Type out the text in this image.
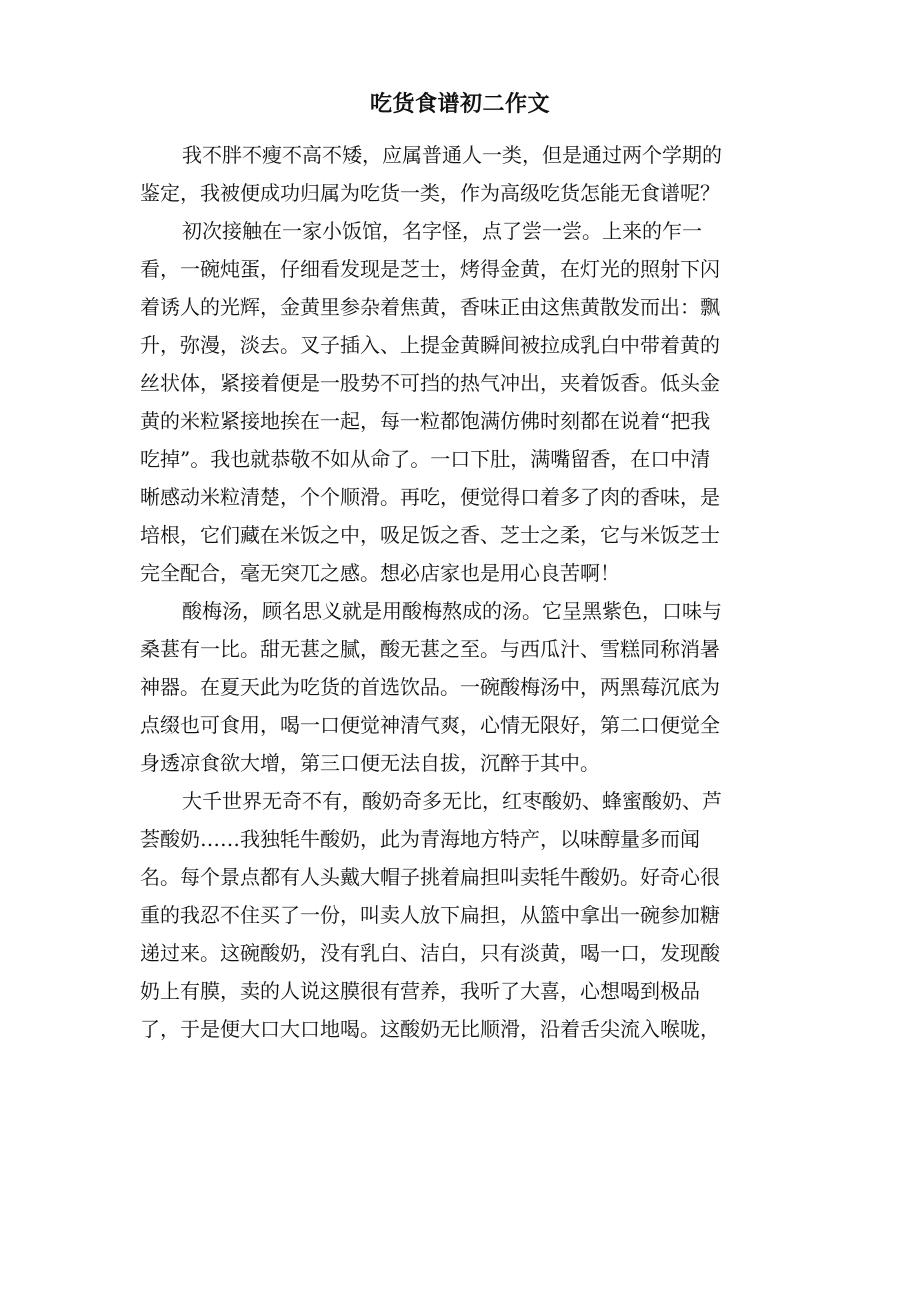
吃货食谱初二作文
我不胖不瘦不高不矮，应属普通人一类，但是通过两个学期的
鉴定，我被便成功归属为吃货一类，作为高级吃货怎能无食谱呢？
初次接触在一家小饭馆，名字怪，点了尝一尝。上来的乍一
看，一碗炖蛋，仔细看发现是芝士，烤得金黄，在灯光的照射下闪
着诱人的光辉，金黄里参杂着焦黄，香味正由这焦黄散发而出：飘
升，弥漫，淡去。叉子插入、上提金黄瞬间被拉成乳白中带着黄的
丝状体，紧接着便是一股势不可挡的热气冲出，夹着饭香。低头金
黄的米粒紧接地挨在一起，每一粒都饱满仿佛时刻都在说着“把我
吃掉”。我也就恭敬不如从命了。一口下肚，满嘴留香，在口中清
晰感动米粒清楚，个个顺滑。再吃，便觉得口着多了肉的香味，是
培根，它们藏在米饭之中，吸足饭之香、芝士之柔，它与米饭芝士
完全配合，毫无突兀之感。想必店家也是用心良苦啊！
酸梅汤，顾名思义就是用酸梅熬成的汤。它呈黑紫色，口味与
桑葚有一比。甜无葚之腻，酸无葚之至。与西瓜汁、雪糕同称消暑
神器。在夏天此为吃货的首选饮品。一碗酸梅汤中，两黑莓沉底为
点缀也可食用，喝一口便觉神清气爽，心情无限好，第二口便觉全
身透凉食欲大增，第三口便无法自拔，沉醉于其中。
大千世界无奇不有，酸奶奇多无比，红枣酸奶、蜂蜜酸奶、芦
荟酸奶……我独牦牛酸奶，此为青海地方特产，以味醇量多而闻
名。每个景点都有人头戴大帽子挑着扁担叫卖牦牛酸奶。好奇心很
重的我忍不住买了一份，叫卖人放下扁担，从篮中拿出一碗参加糖
递过来。这碗酸奶，没有乳白、洁白，只有淡黄，喝一口，发现酸
奶上有膜，卖的人说这膜很有营养，我听了大喜，心想喝到极品
了，于是便大口大口地喝。这酸奶无比顺滑，沿着舌尖流入喉咙，
